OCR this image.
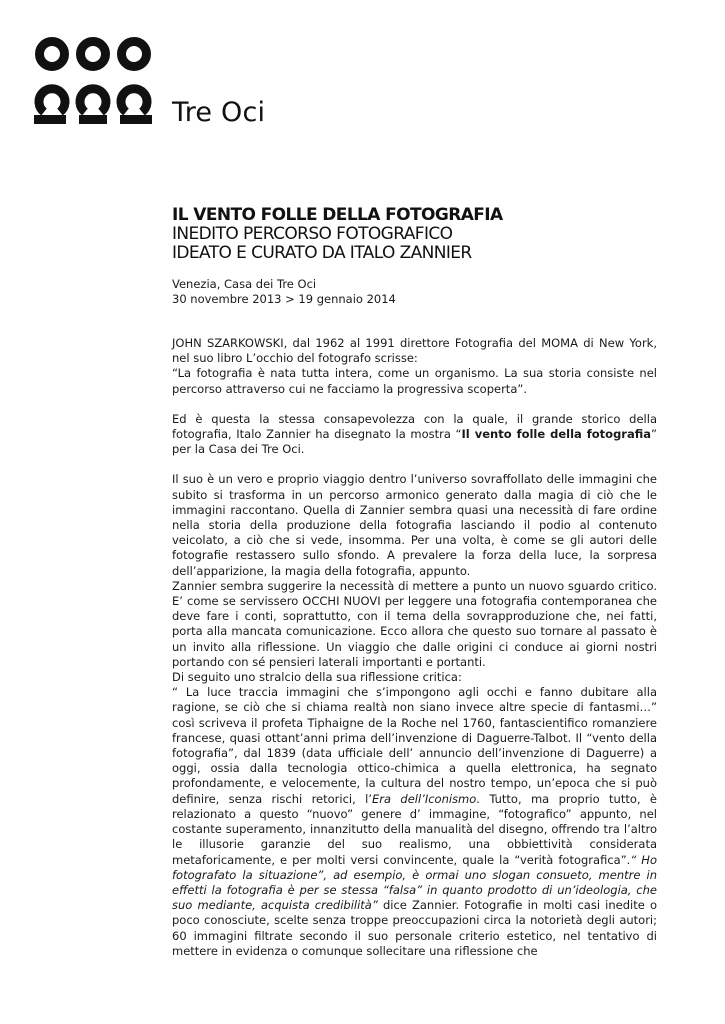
Tre Oci
IL VENTO FOLLE DELLA FOTOGRAFIA
INEDITO PERCORSO FOTOGRAFICO
IDEATO E CURATO DA ITALO ZANNIER
Venezia, Casa dei Tre Oci
30 novembre 2013 > 19 gennaio 2014

JOHN SZARKOWSKI, dal 1962 al 1991 direttore Fotografia del MOMA di New York, nel suo libro L’occhio del fotografo scrisse:
“La fotografia è nata tutta intera, come un organismo. La sua storia consiste nel percorso attraverso cui ne facciamo la progressiva scoperta”.

Ed è questa la stessa consapevolezza con la quale, il grande storico della fotografia, Italo Zannier ha disegnato la mostra “Il vento folle della fotografia” per la Casa dei Tre Oci.

Il suo è un vero e proprio viaggio dentro l’universo sovraffollato delle immagini che subito si trasforma in un percorso armonico generato dalla magia di ciò che le immagini raccontano. Quella di Zannier sembra quasi una necessità di fare ordine nella storia della produzione della fotografia lasciando il podio al contenuto veicolato, a ciò che si vede, insomma. Per una volta, è come se gli autori delle fotografie restassero sullo sfondo. A prevalere la forza della luce, la sorpresa dell’apparizione, la magia della fotografia, appunto.

Zannier sembra suggerire la necessità di mettere a punto un nuovo sguardo critico. E’ come se servissero OCCHI NUOVI per leggere una fotografia contemporanea che deve fare i conti, soprattutto, con il tema della sovrapproduzione che, nei fatti, porta alla mancata comunicazione. Ecco allora che questo suo tornare al passato è un invito alla riflessione. Un viaggio che dalle origini ci conduce ai giorni nostri portando con sé pensieri laterali importanti e portanti.

Di seguito uno stralcio della sua riflessione critica:

“ La luce traccia immagini che s’impongono agli occhi e fanno dubitare alla ragione, se ciò che si chiama realtà non siano invece altre specie di fantasmi…” così scriveva il profeta Tiphaigne de la Roche nel 1760, fantascientifico romanziere francese, quasi ottant’anni prima dell’invenzione di Daguerre-Talbot. Il “vento della fotografia”, dal 1839 (data ufficiale dell’ annuncio dell’invenzione di Daguerre) a oggi, ossia dalla tecnologia ottico-chimica a quella elettronica, ha segnato profondamente, e velocemente, la cultura del nostro tempo, un’epoca che si può definire, senza rischi retorici, l’Era dell’Iconismo. Tutto, ma proprio tutto, è relazionato a questo “nuovo” genere d’ immagine, “fotografico” appunto, nel costante superamento, innanzitutto della manualità del disegno, offrendo tra l’altro le illusorie garanzie del suo realismo, una obbiettività considerata metaforicamente, e per molti versi convincente, quale la “verità fotografica”.“ Ho fotografato la situazione”, ad esempio, è ormai uno slogan consueto, mentre in effetti la fotografia è per se stessa “falsa” in quanto prodotto di un’ideologia, che suo mediante, acquista credibilità” dice Zannier. Fotografie in molti casi inedite o poco conosciute, scelte senza troppe preoccupazioni circa la notorietà degli autori; 60 immagini filtrate secondo il suo personale criterio estetico, nel tentativo di mettere in evidenza o comunque sollecitare una riflessione che
